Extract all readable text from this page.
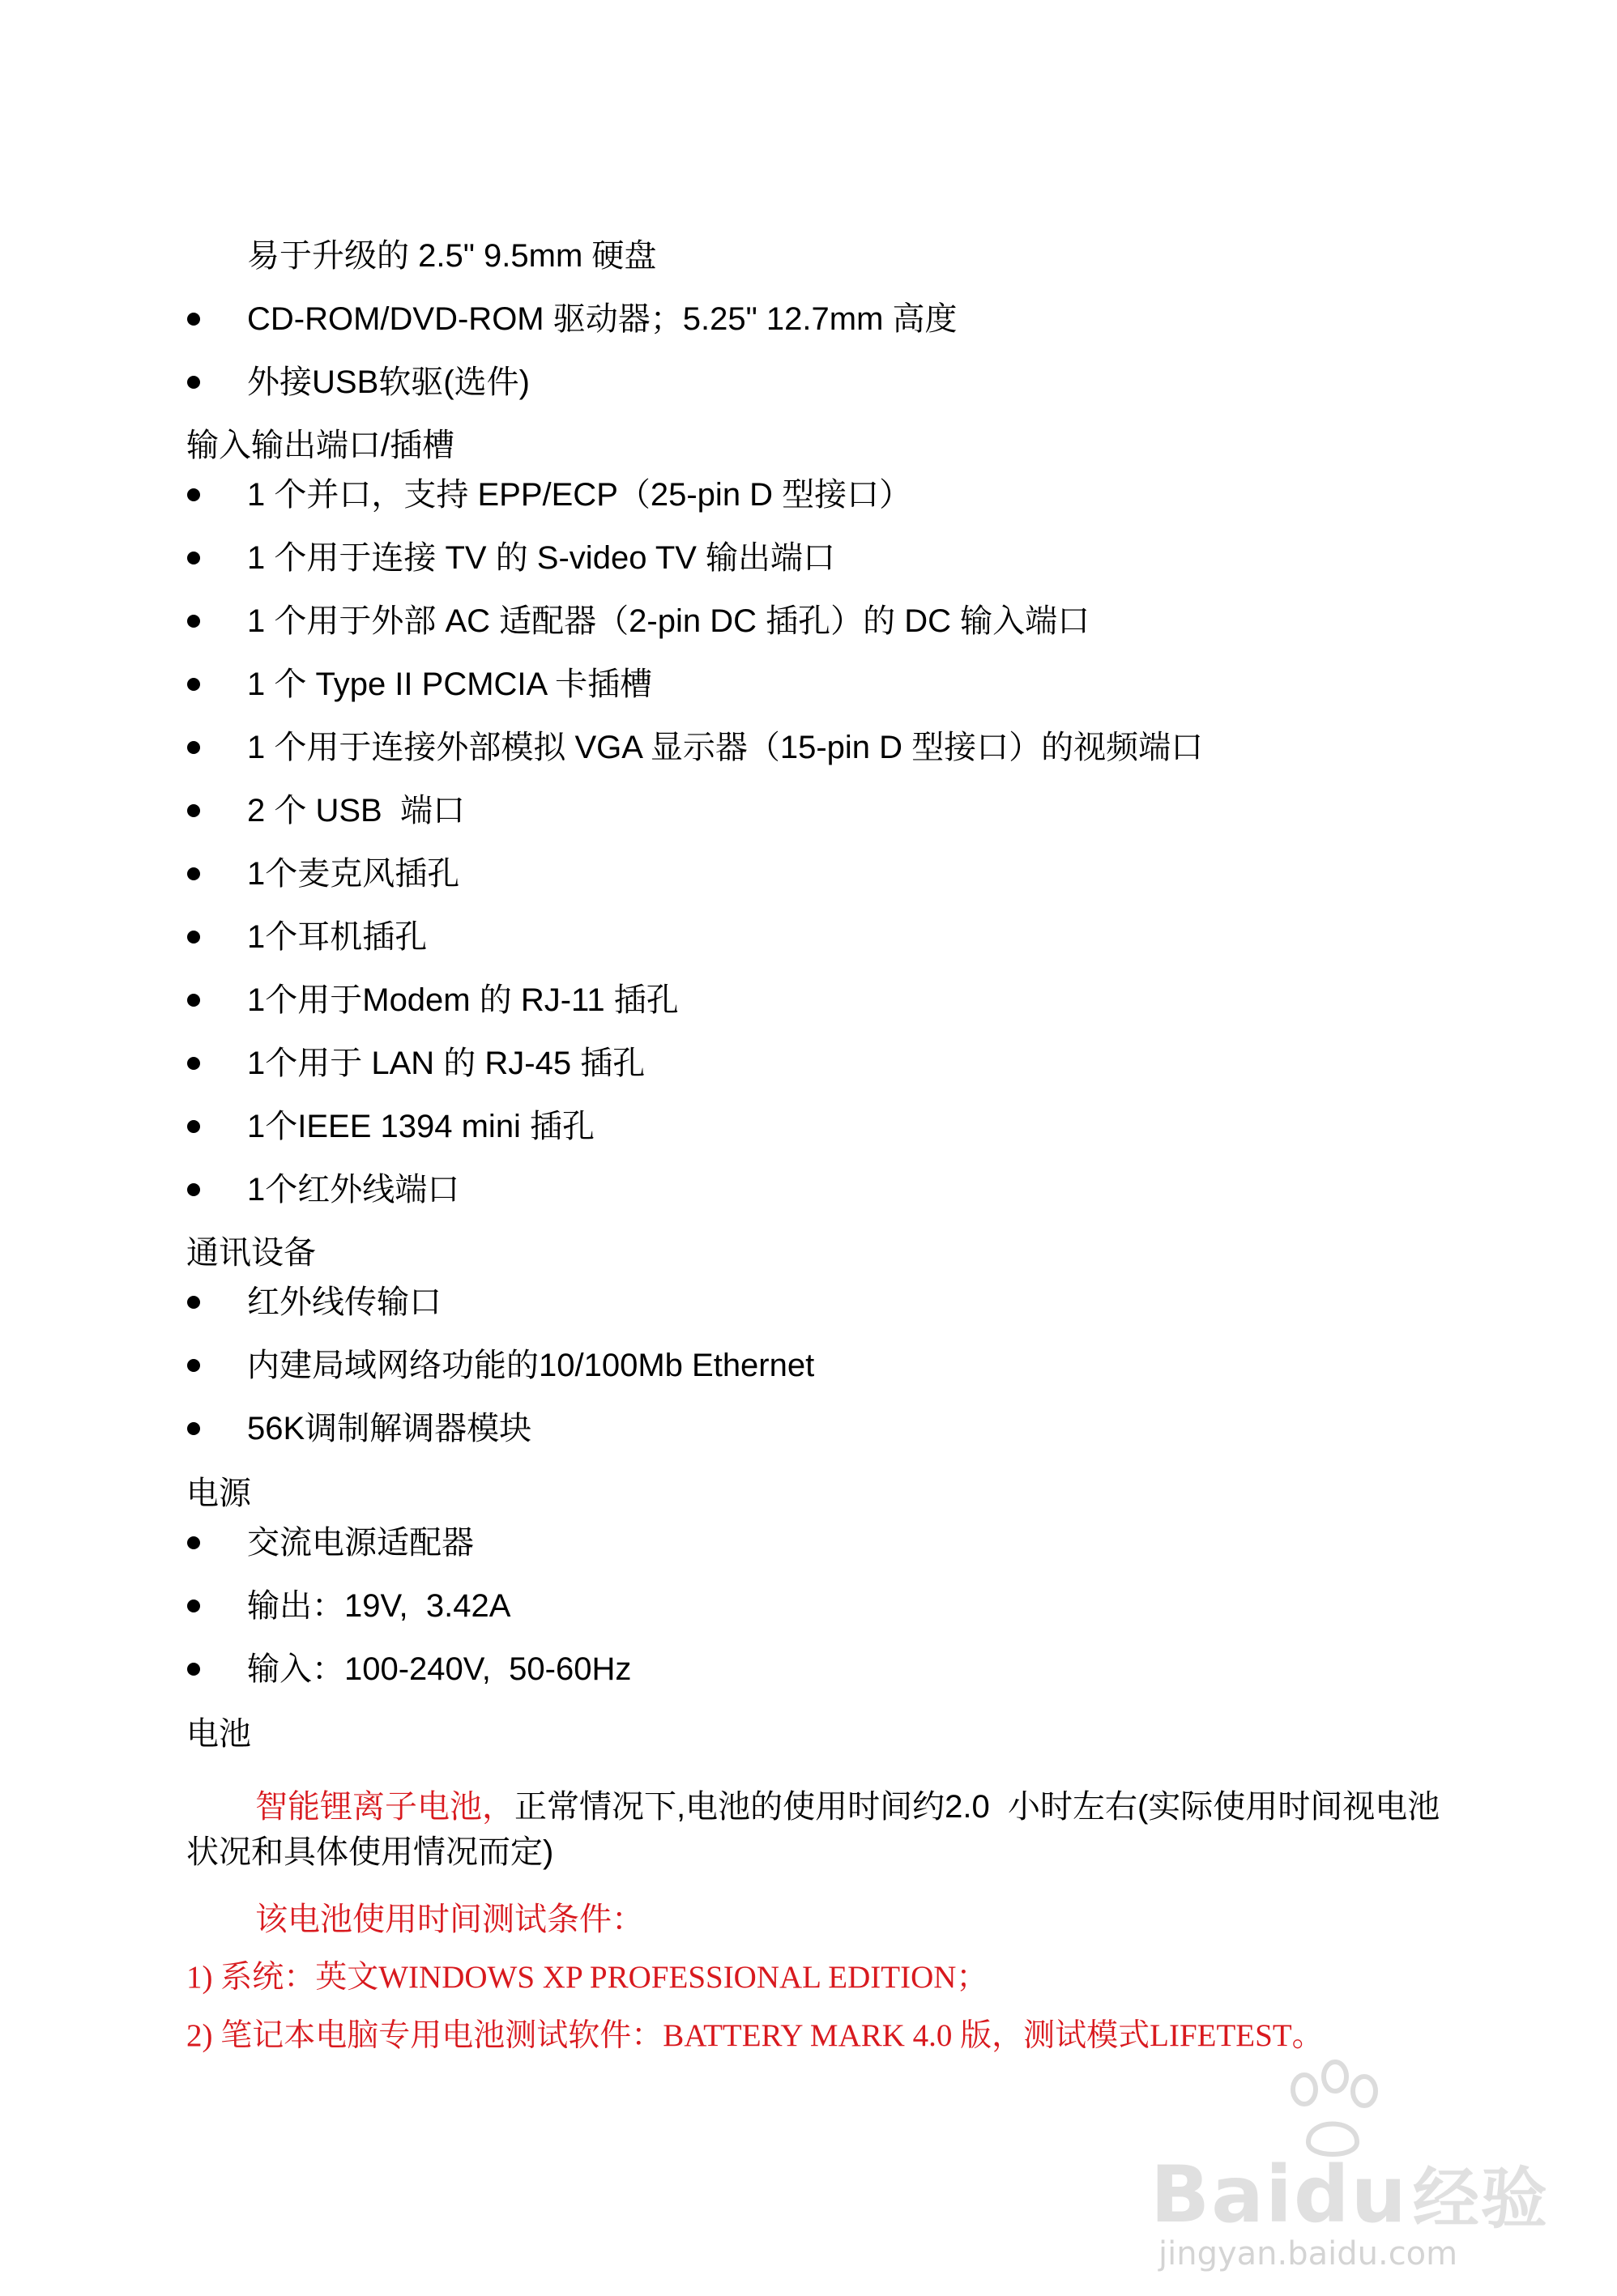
易于升级的 2.5" 9.5mm 硬盘
CD-ROM/DVD-ROM 驱动器；5.25" 12.7mm 高度
外接USB软驱(选件)
输入输出端口/插槽
1 个并口，支持 EPP/ECP（25-pin D 型接口）
1 个用于连接 TV 的 S-video TV 输出端口
1 个用于外部 AC 适配器（2-pin DC 插孔）的 DC 输入端口
1 个 Type II PCMCIA 卡插槽
1 个用于连接外部模拟 VGA 显示器（15-pin D 型接口）的视频端口
2 个 USB  端口
1个麦克风插孔
1个耳机插孔
1个用于Modem 的 RJ-11 插孔
1个用于 LAN 的 RJ-45 插孔
1个IEEE 1394 mini 插孔
1个红外线端口
通讯设备
红外线传输口
内建局域网络功能的10/100Mb Ethernet
56K调制解调器模块
电源
交流电源适配器
输出：19V,  3.42A
输入：100-240V,  50-60Hz
电池
智能锂离子电池，正常情况下,电池的使用时间约2.0  小时左右(实际使用时间视电池状况和具体使用情况而定)
该电池使用时间测试条件：
1) 系统：英文WINDOWS XP PROFESSIONAL EDITION；
2) 笔记本电脑专用电池测试软件：BATTERY MARK 4.0 版，测试模式LIFETEST。
Baidu经验
jingyan.baidu.com
